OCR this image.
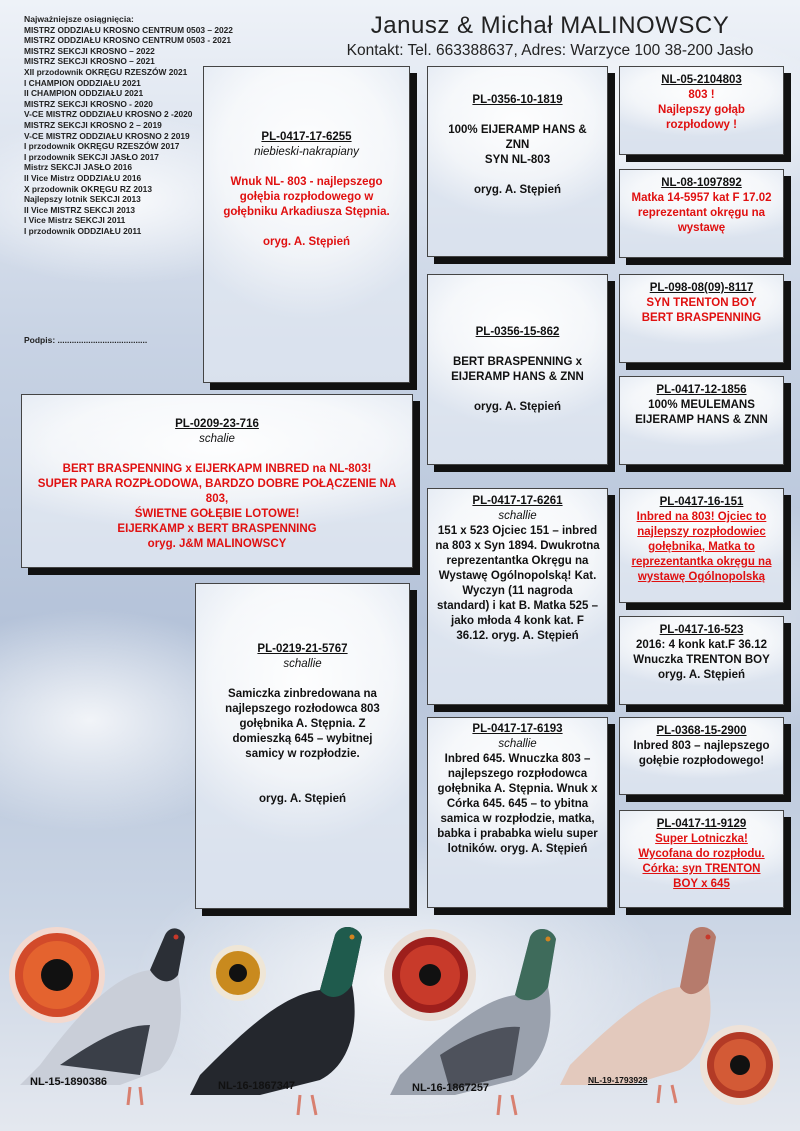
Najważniejsze osiągnięcia:
MISTRZ ODDZIAŁU KROSNO CENTRUM 0503 – 2022
MISTRZ ODDZIAŁU KROSNO CENTRUM 0503 - 2021
MISTRZ SEKCJI KROSNO – 2022
MISTRZ SEKCJI KROSNO – 2021
XII przodownik OKRĘGU RZESZÓW 2021
I CHAMPION ODDZIAŁU 2021
II CHAMPION ODDZIAŁU 2021
MISTRZ SEKCJI KROSNO - 2020
V-CE MISTRZ ODDZIAŁU KROSNO 2 -2020
MISTRZ SEKCJI KROSNO 2 – 2019
V-CE MISTRZ ODDZIAŁU KROSNO 2 2019
I przodownik OKRĘGU RZESZÓW 2017
I przodownik SEKCJI JASŁO 2017
Mistrz SEKCJI JASŁO 2016
II Vice Mistrz ODDZIAŁU 2016
X przodownik OKRĘGU RZ 2013
Najlepszy lotnik SEKCJI 2013
II Vice MISTRZ SEKCJI 2013
I Vice Mistrz SEKCJI 2011
I przodownik ODDZIAŁU 2011
Podpis: ......................................
Janusz & Michał MALINOWSCY
Kontakt: Tel. 663388637, Adres: Warzyce 100 38-200 Jasło
PL-0417-17-6255
niebieski-nakrapiany
Wnuk NL- 803 - najlepszego gołębia rozpłodowego w gołębniku Arkadiusza Stępnia.
oryg. A. Stępień
PL-0356-10-1819
100% EIJERAMP HANS & ZNN
SYN NL-803
oryg. A. Stępień
NL-05-2104803
803 !
Najlepszy gołąb rozpłodowy !
NL-08-1097892
Matka 14-5957 kat F 17.02 reprezentant okręgu na wystawę
PL-0356-15-862
BERT BRASPENNING x EIJERAMP HANS & ZNN
oryg. A. Stępień
PL-098-08(09)-8117
SYN TRENTON BOY
BERT BRASPENNING
PL-0417-12-1856
100% MEULEMANS EIJERAMP HANS & ZNN
PL-0209-23-716
schalie
BERT BRASPENNING x EIJERKAPM INBRED na NL-803!
SUPER PARA ROZPŁODOWA, BARDZO DOBRE POŁĄCZENIE NA 803,
ŚWIETNE GOŁĘBIE LOTOWE!
EIJERKAMP x BERT BRASPENNING
oryg. J&M MALINOWSCY
PL-0417-17-6261
schallie
151 x 523 Ojciec 151 – inbred na 803 x Syn 1894. Dwukrotna reprezentantka Okręgu na Wystawę Ogólnopolską! Kat. Wyczyn (11 nagroda standard) i kat B. Matka 525 – jako młoda 4 konk kat. F 36.12. oryg. A. Stępień
PL-0417-16-151
Inbred na 803! Ojciec to najlepszy rozpłodowiec gołębnika, Matka to reprezentantka okręgu na wystawę Ogólnopolską
PL-0417-16-523
2016: 4 konk kat.F 36.12
Wnuczka TRENTON BOY
oryg. A. Stępień
PL-0219-21-5767
schallie
Samiczka zinbredowana na najlepszego rozłodowca 803 gołębnika A. Stępnia. Z domieszką 645 – wybitnej samicy w rozpłodzie.
oryg. A. Stępień
PL-0417-17-6193
schallie
Inbred 645. Wnuczka 803 – najlepszego rozpłodowca gołębnika A. Stępnia. Wnuk x Córka 645. 645 – to ybitna samica w rozpłodzie, matka, babka i prababka wielu super lotników. oryg. A. Stępień
PL-0368-15-2900
Inbred 803 – najlepszego gołębie rozpłodowego!
PL-0417-11-9129
Super Lotniczka! Wycofana do rozpłodu. Córka: syn TRENTON BOY x 645
NL-15-1890386	NL-16-1867347	NL-16-1867257
NL-19-1793928
